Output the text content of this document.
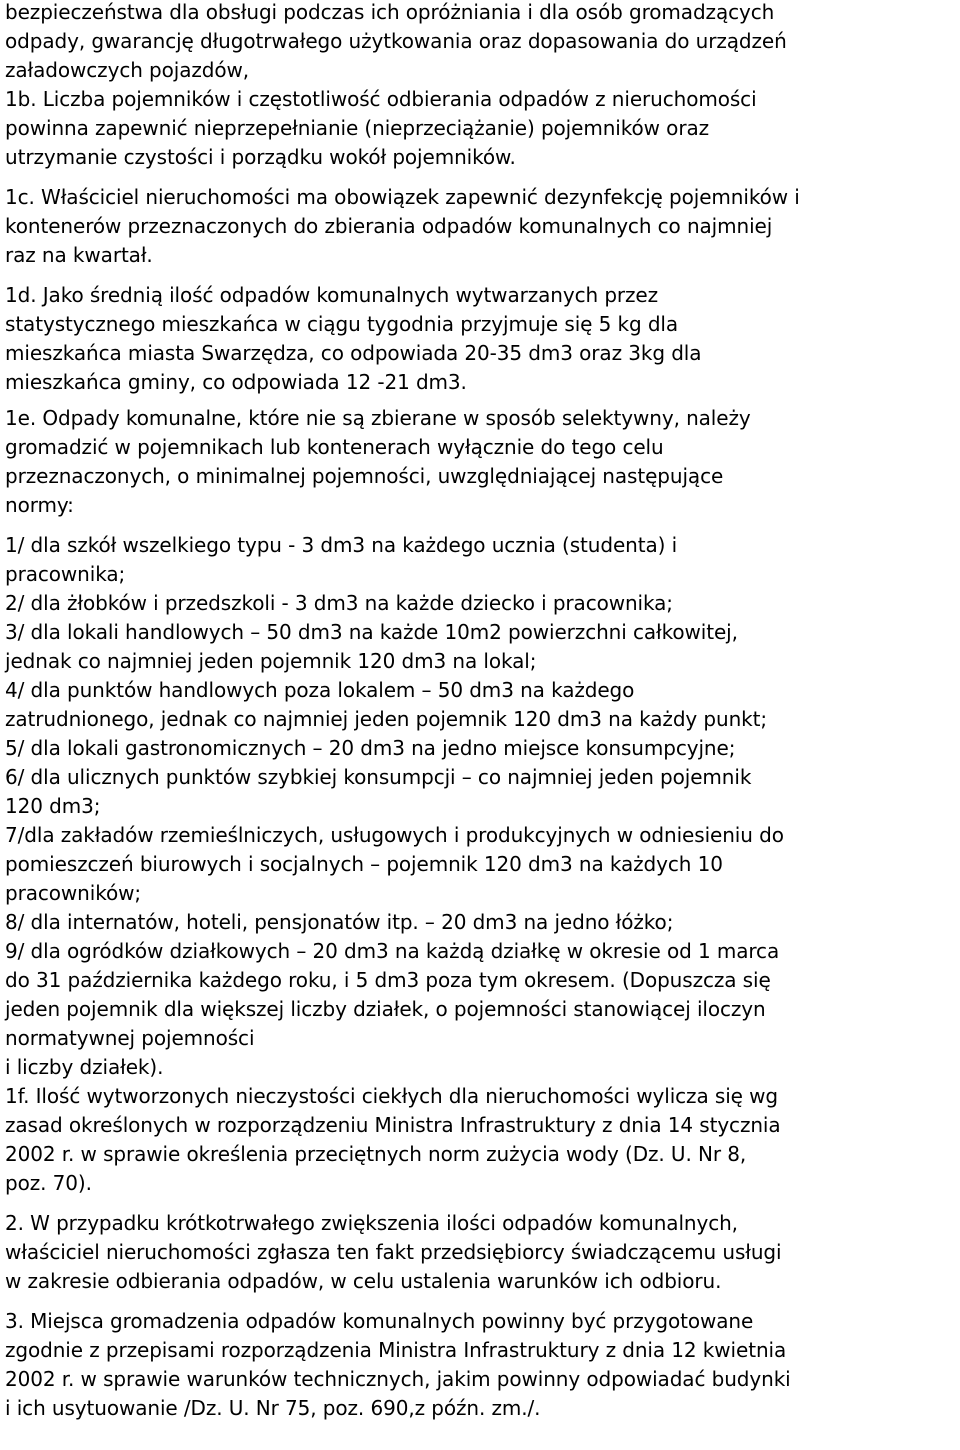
bezpieczeństwa dla obsługi podczas ich opróżniania i dla osób gromadzących
odpady, gwarancję długotrwałego użytkowania oraz dopasowania do urządzeń
załadowczych pojazdów,
1b. Liczba pojemników i częstotliwość odbierania odpadów z nieruchomości
powinna zapewnić nieprzepełnianie (nieprzeciążanie) pojemników oraz
utrzymanie czystości i porządku wokół pojemników.
1c. Właściciel nieruchomości ma obowiązek zapewnić dezynfekcję pojemników i
kontenerów przeznaczonych do zbierania odpadów komunalnych co najmniej
raz na kwartał.
1d. Jako średnią ilość odpadów komunalnych wytwarzanych przez
statystycznego mieszkańca w ciągu tygodnia przyjmuje się 5 kg dla
mieszkańca miasta Swarzędza, co odpowiada 20-35 dm3 oraz 3kg dla
mieszkańca gminy, co odpowiada 12 -21 dm3.
1e. Odpady komunalne, które nie są zbierane w sposób selektywny, należy
gromadzić w pojemnikach lub kontenerach wyłącznie do tego celu
przeznaczonych, o minimalnej pojemności, uwzględniającej następujące
normy:
1/ dla szkół wszelkiego typu - 3 dm3 na każdego ucznia (studenta) i
pracownika;
2/ dla żłobków i przedszkoli - 3 dm3 na każde dziecko i pracownika;
3/ dla lokali handlowych – 50 dm3 na każde 10m2 powierzchni całkowitej,
jednak co najmniej jeden pojemnik 120 dm3 na lokal;
4/ dla punktów handlowych poza lokalem – 50 dm3 na każdego
zatrudnionego, jednak co najmniej jeden pojemnik 120 dm3 na każdy punkt;
5/ dla lokali gastronomicznych – 20 dm3 na jedno miejsce konsumpcyjne;
6/ dla ulicznych punktów szybkiej konsumpcji – co najmniej jeden pojemnik
120 dm3;
7/dla zakładów rzemieślniczych, usługowych i produkcyjnych w odniesieniu do
pomieszczeń biurowych i socjalnych – pojemnik 120 dm3 na każdych 10
pracowników;
8/ dla internatów, hoteli, pensjonatów itp. – 20 dm3 na jedno łóżko;
9/ dla ogródków działkowych – 20 dm3 na każdą działkę w okresie od 1 marca
do 31 października każdego roku, i 5 dm3 poza tym okresem. (Dopuszcza się
jeden pojemnik dla większej liczby działek, o pojemności stanowiącej iloczyn
normatywnej pojemności
i liczby działek).
1f. Ilość wytworzonych nieczystości ciekłych dla nieruchomości wylicza się wg
zasad określonych w rozporządzeniu Ministra Infrastruktury z dnia 14 stycznia
2002 r. w sprawie określenia przeciętnych norm zużycia wody (Dz. U. Nr 8,
poz. 70).
2. W przypadku krótkotrwałego zwiększenia ilości odpadów komunalnych,
właściciel nieruchomości zgłasza ten fakt przedsiębiorcy świadczącemu usługi
w zakresie odbierania odpadów, w celu ustalenia warunków ich odbioru.
3. Miejsca gromadzenia odpadów komunalnych powinny być przygotowane
zgodnie z przepisami rozporządzenia Ministra Infrastruktury z dnia 12 kwietnia
2002 r. w sprawie warunków technicznych, jakim powinny odpowiadać budynki
i ich usytuowanie /Dz. U. Nr 75, poz. 690,z późn. zm./.
